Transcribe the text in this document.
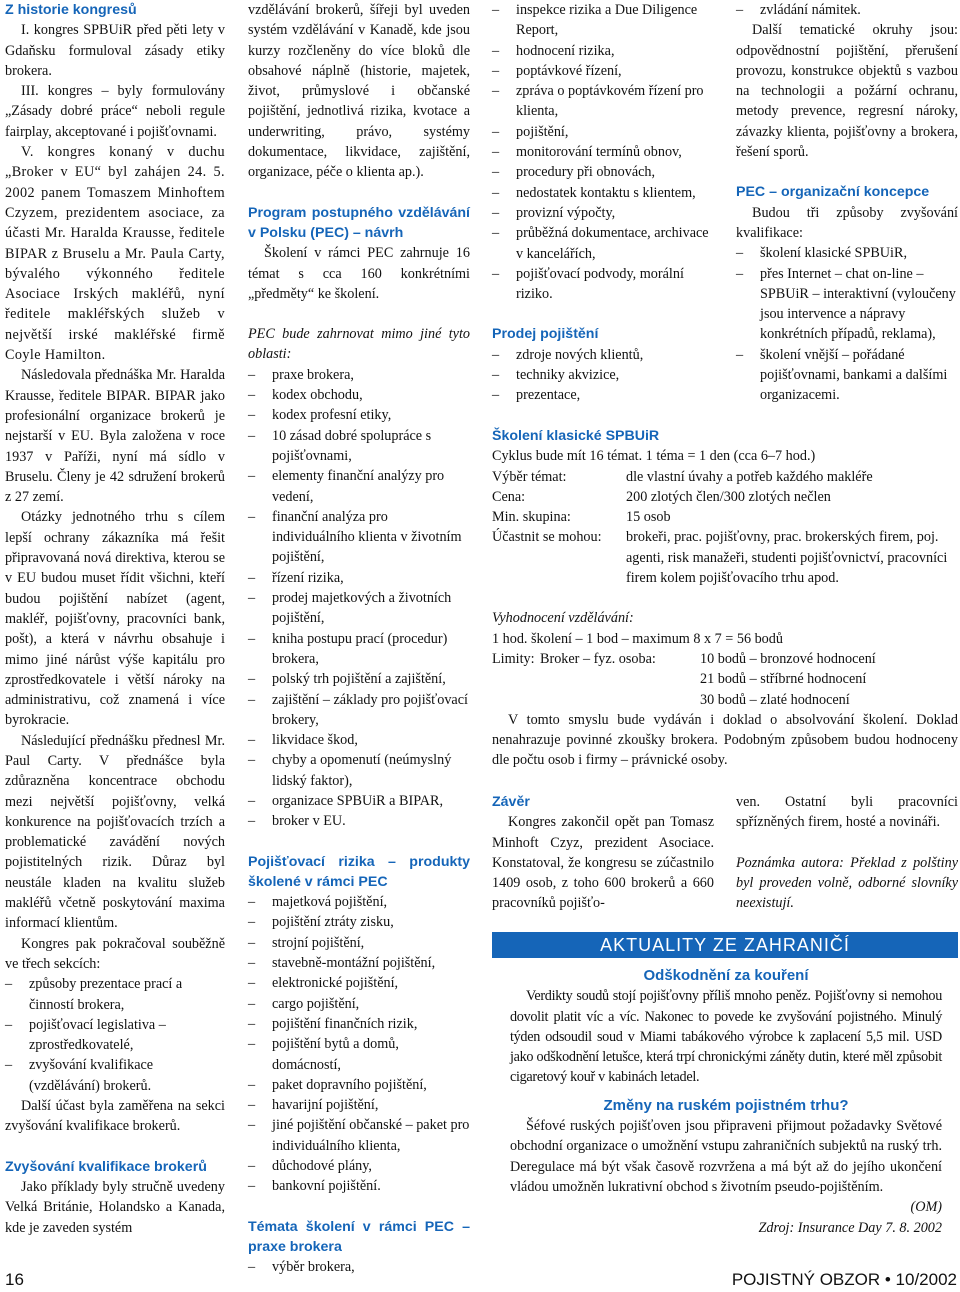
Z historie kongresů

I. kongres SPBUiR před pěti lety v Gdaňsku formuloval zásady etiky brokera.

III. kongres – byly formulovány „Zásady dobré práce“ neboli regule fairplay, akceptované i pojišťovnami.

V. kongres konaný v duchu „Broker v EU“ byl zahájen 24. 5. 2002 panem Tomaszem Minhoftem Czyzem, prezidentem asociace, za účasti Mr. Haralda Krausse, ředitele BIPAR z Bruselu a Mr. Paula Carty, bývalého výkonného ředitele Asociace Irských makléřů, nyní ředitele makléřských služeb v největší irské makléřské firmě Coyle Hamilton.

Následovala přednáška Mr. Haralda Krausse, ředitele BIPAR. BIPAR jako profesionální organizace brokerů je nejstarší v EU. Byla založena v roce 1937 v Paříži, nyní má sídlo v Bruselu. Členy je 42 sdružení brokerů z 27 zemí.

Otázky jednotného trhu s cílem lepší ochrany zákazníka má řešit připravovaná nová direktiva, kterou se v EU budou muset řídit všichni, kteří budou pojištění nabízet (agent, makléř, pojišťovny, pracovníci bank, pošt), a která v návrhu obsahuje i mimo jiné nárůst výše kapitálu pro zprostředkovatele i větší nároky na administrativu, což znamená i více byrokracie.

Následující přednášku přednesl Mr. Paul Carty. V přednášce byla zdůrazněna koncentrace obchodu mezi největší pojišťovny, velká konkurence na pojišťovacích trzích a problematické zavádění nových pojistitelných rizik. Důraz byl neustále kladen na kvalitu služeb makléřů včetně poskytování maxima informací klientům.

Kongres pak pokračoval souběžně ve třech sekcích:

– způsoby prezentace prací a činností brokera,

– pojišťovací legislativa – zprostředkovatelé,

– zvyšování kvalifikace (vzdělávání) brokerů.

Další účast byla zaměřena na sekci zvyšování kvalifikace brokerů.

Zvyšování kvalifikace brokerů

Jako příklady byly stručně uvedeny Velká Británie, Holandsko a Kanada, kde je zaveden systém

vzdělávání brokerů, šířeji byl uveden systém vzdělávání v Kanadě, kde jsou kurzy rozčleněny do více bloků dle obsahové náplně (historie, majetek, život, průmyslové i občanské pojištění, jednotlivá rizika, kvotace a underwriting, právo, systémy dokumentace, likvidace, zajištění, organizace, péče o klienta ap.).

Program postupného vzdělávání v Polsku (PEC) – návrh

Školení v rámci PEC zahrnuje 16 témat s cca 160 konkrétními „předměty“ ke školení.

PEC bude zahrnovat mimo jiné tyto oblasti:

– praxe brokera,

– kodex obchodu,

– kodex profesní etiky,

– 10 zásad dobré spolupráce s pojišťovnami,

– elementy finanční analýzy pro vedení,

– finanční analýza pro individuálního klienta v životním pojištění,

– řízení rizika,

– prodej majetkových a životních pojištění,

– kniha postupu prací (procedur) brokera,

– polský trh pojištění a zajištění,

– zajištění – základy pro pojišťovací brokery,

– likvidace škod,

– chyby a opomenutí (neúmyslný lidský faktor),

– organizace SPBUiR a BIPAR,

– broker v EU.

Pojišťovací rizika – produkty školené v rámci PEC

– majetková pojištění,

– pojištění ztráty zisku,

– strojní pojištění,

– stavebně-montážní pojištění,

– elektronické pojištění,

– cargo pojištění,

– pojištění finančních rizik,

– pojištění bytů a domů, domácností,

– paket dopravního pojištění,

– havarijní pojištění,

– jiné pojištění občanské – paket pro individuálního klienta,

– důchodové plány,

– bankovní pojištění.

Témata školení v rámci PEC – praxe brokera

– výběr brokera,

– inspekce rizika a Due Diligence Report,

– hodnocení rizika,

– poptávkové řízení,

– zpráva o poptávkovém řízení pro klienta,

– pojištění,

– monitorování termínů obnov,

– procedury při obnovách,

– nedostatek kontaktu s klientem,

– provizní výpočty,

– průběžná dokumentace, archivace v kancelářích,

– pojišťovací podvody, morální riziko.

Prodej pojištění

– zdroje nových klientů,

– techniky akvizice,

– prezentace,

– zvládání námitek.

Další tematické okruhy jsou: odpovědnostní pojištění, přerušení provozu, konstrukce objektů s vazbou na technologii a požární ochranu, metody prevence, regresní nároky, závazky klienta, pojišťovny a brokera, řešení sporů.

PEC – organizační koncepce

Budou tři způsoby zvyšování kvalifikace:

– školení klasické SPBUiR,

– přes Internet – chat on-line – SPBUiR – interaktivní (vyloučeny jsou intervence a nápravy konkrétních případů, reklama),

– školení vnější – pořádané pojišťovnami, bankami a dalšími organizacemi.

Školení klasické SPBUiR

Cyklus bude mít 16 témat. 1 téma = 1 den (cca 6–7 hod.)

Výběr témat:	dle vlastní úvahy a potřeb každého makléře
Cena:	200 zlotých člen/300 zlotých nečlen
Min. skupina:	15 osob
Účastnit se mohou:	brokeři, prac. pojišťovny, prac. brokerských firem, poj. agenti, risk manažeři, studenti pojišťovnictví, pracovníci firem kolem pojišťovacího trhu apod.

Vyhodnocení vzdělávání:

1 hod. školení – 1 bod – maximum 8 x 7 = 56 bodů

Limity:	Broker – fyz. osoba:	10 bodů – bronzové hodnocení
		21 bodů – stříbrné hodnocení
		30 bodů – zlaté hodnocení

V tomto smyslu bude vydáván i doklad o absolvování školení. Doklad nenahrazuje povinné zkoušky brokera. Podobným způsobem budou hodnoceny dle počtu osob i firmy – právnické osoby.

Závěr

Kongres zakončil opět pan Tomasz Minhoft Czyz, prezident Asociace. Konstatoval, že kongresu se zúčastnilo 1409 osob, z toho 600 brokerů a 660 pracovníků pojišťo-

ven. Ostatní byli pracovníci spřízněných firem, hosté a novináři.

Poznámka autora: Překlad z polštiny byl proveden volně, odborné slovníky neexistují.

AKTUALITY ZE ZAHRANIČÍ

Odškodnění za kouření

Verdikty soudů stojí pojišťovny příliš mnoho peněz. Pojišťovny si nemohou dovolit platit víc a víc. Nakonec to povede ke zvyšování pojistného. Minulý týden odsoudil soud v Miami tabákového výrobce k zaplacení 5,5 mil. USD jako odškodnění letušce, která trpí chronickými záněty dutin, které měl způsobit cigaretový kouř v kabinách letadel.

Změny na ruském pojistném trhu?

Šéfové ruských pojišťoven jsou připraveni přijmout požadavky Světové obchodní organizace o umožnění vstupu zahraničních subjektů na ruský trh. Deregulace má být však časově rozvržena a má být až do jejího ukončení vládou umožněn lukrativní obchod s životním pseudo-pojištěním.

(OM)

Zdroj: Insurance Day 7. 8. 2002

16	POJISTNÝ OBZOR • 10/2002
